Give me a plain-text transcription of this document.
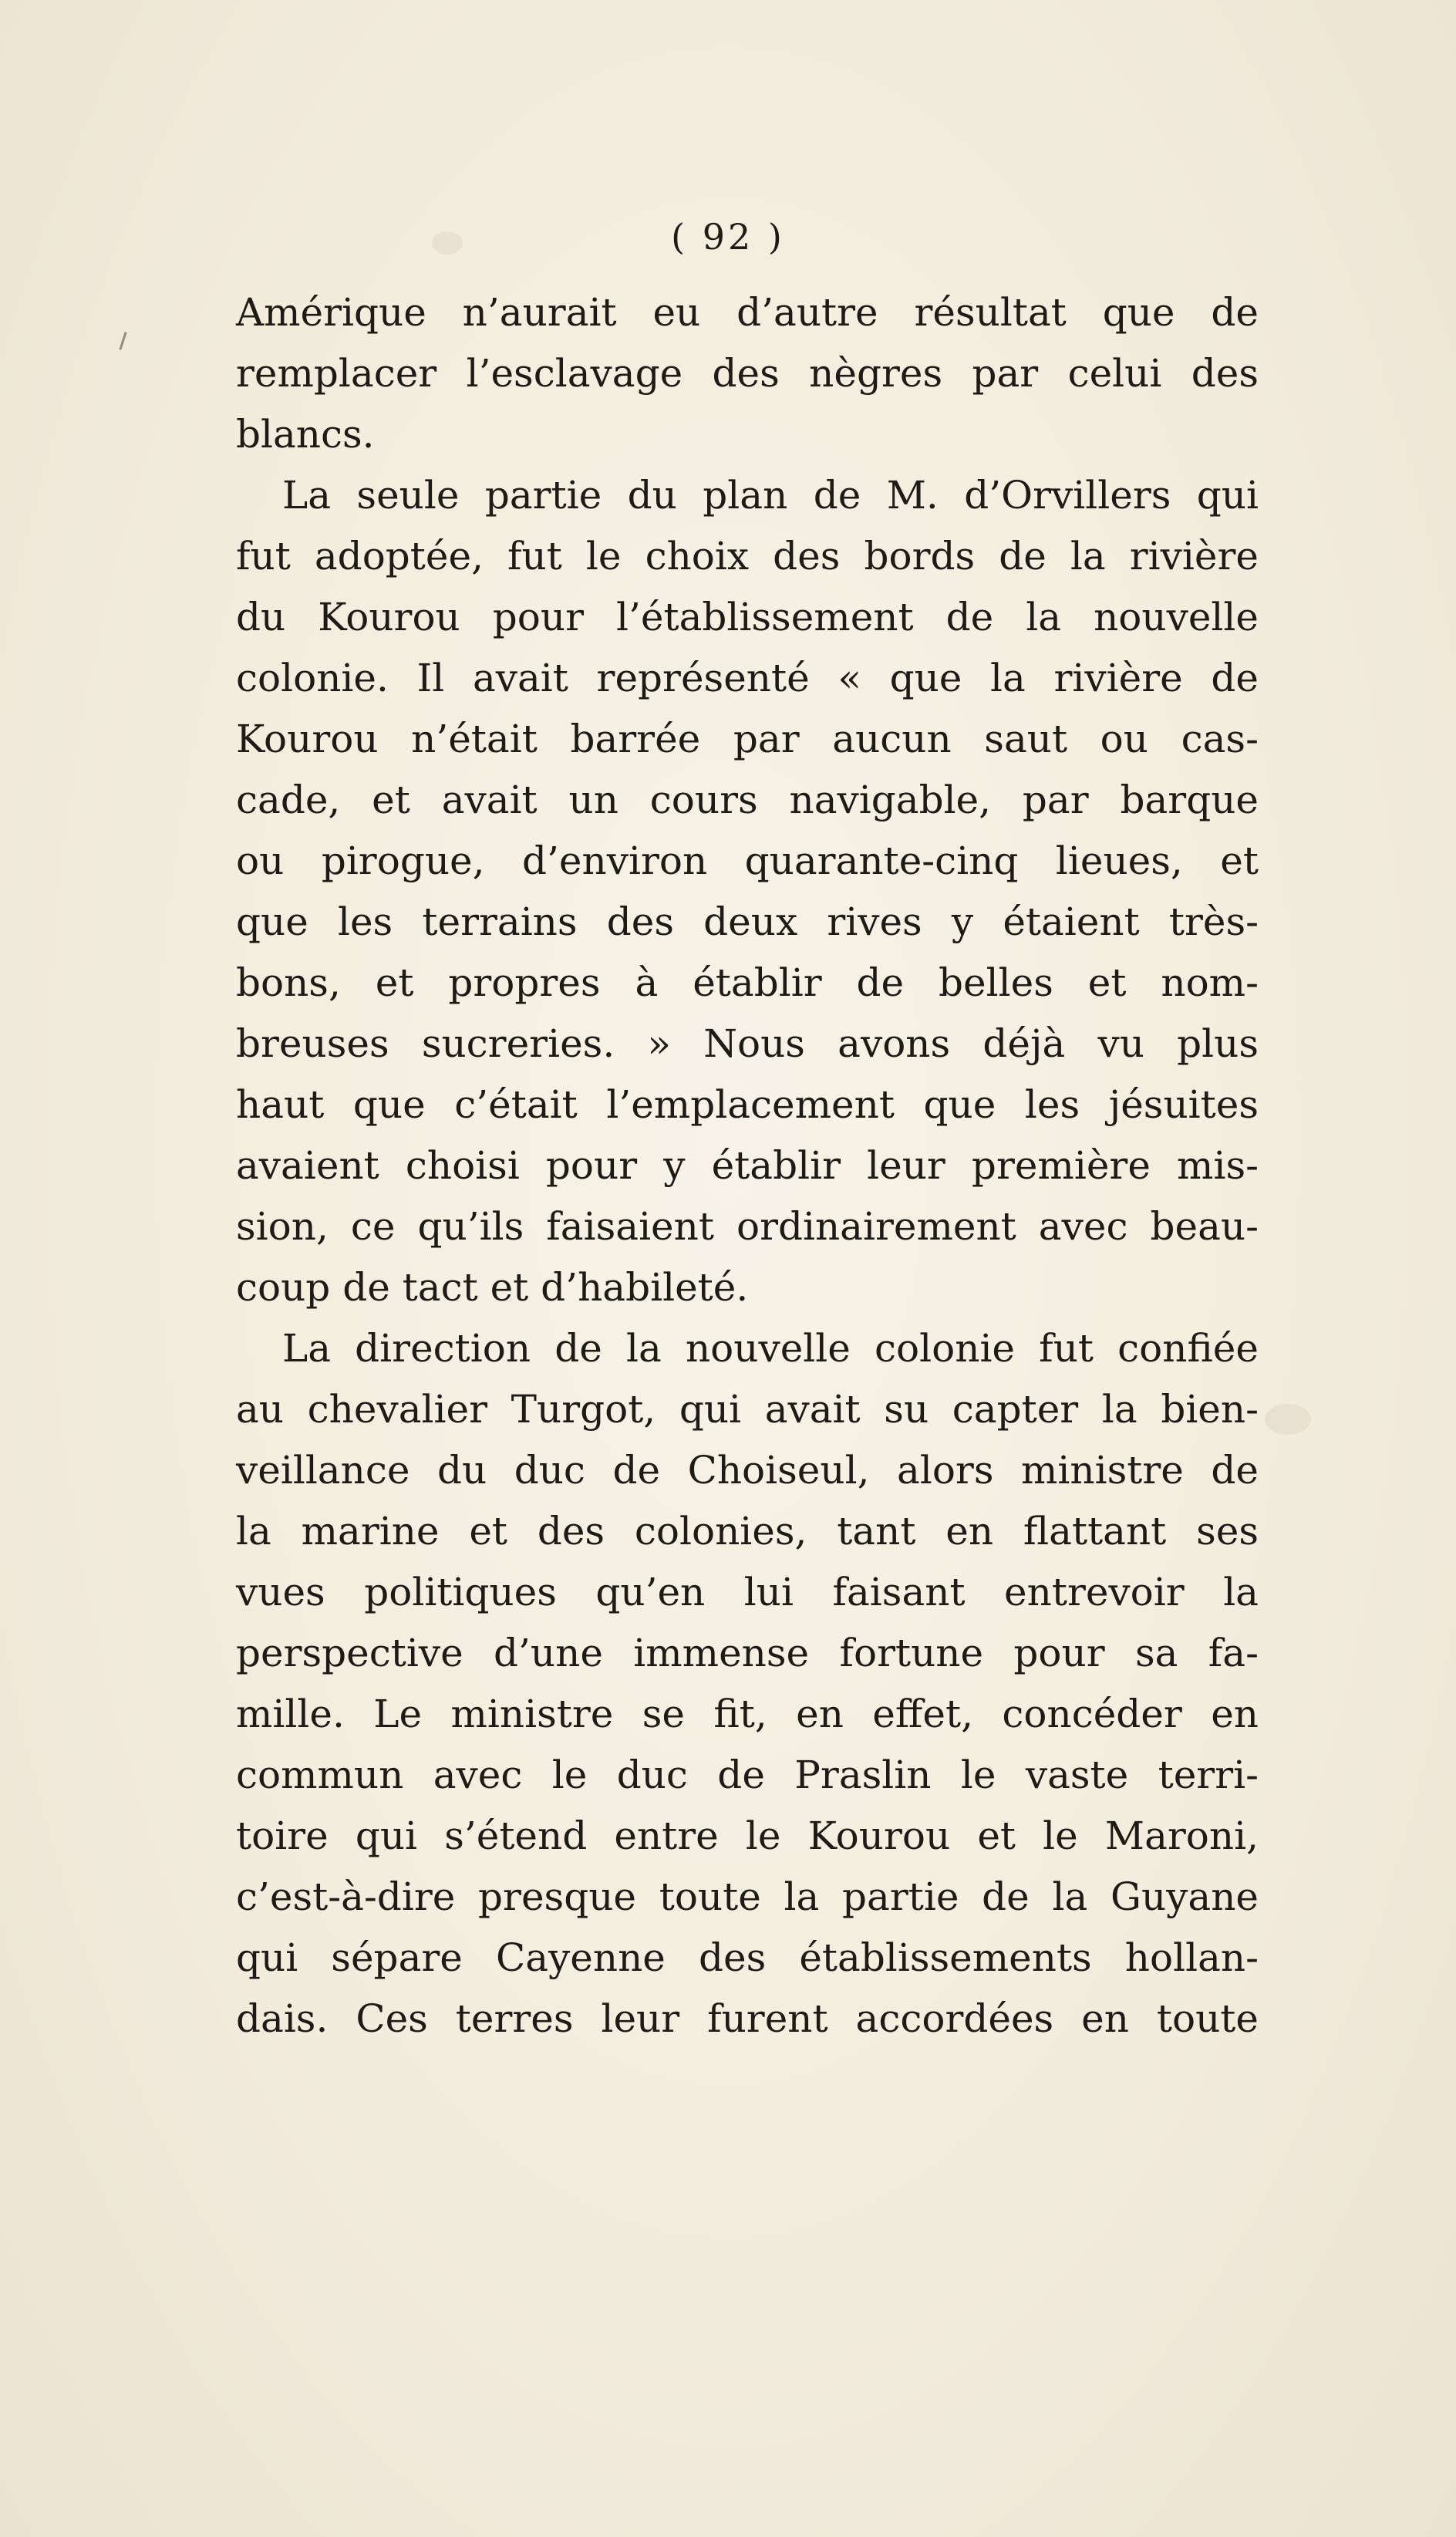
( 92 )
Amérique n’aurait eu d’autre résultat que de
remplacer l’esclavage des nègres par celui des
blancs.
La seule partie du plan de M. d’Orvillers qui
fut adoptée, fut le choix des bords de la rivière
du Kourou pour l’établissement de la nouvelle
colonie. Il avait représenté « que la rivière de
Kourou n’était barrée par aucun saut ou cas-
cade, et avait un cours navigable, par barque
ou pirogue, d’environ quarante-cinq lieues, et
que les terrains des deux rives y étaient très-
bons, et propres à établir de belles et nom-
breuses sucreries. » Nous avons déjà vu plus
haut que c’était l’emplacement que les jésuites
avaient choisi pour y établir leur première mis-
sion, ce qu’ils faisaient ordinairement avec beau-
coup de tact et d’habileté.
La direction de la nouvelle colonie fut confiée
au chevalier Turgot, qui avait su capter la bien-
veillance du duc de Choiseul, alors ministre de
la marine et des colonies, tant en flattant ses
vues politiques qu’en lui faisant entrevoir la
perspective d’une immense fortune pour sa fa-
mille. Le ministre se fit, en effet, concéder en
commun avec le duc de Praslin le vaste terri-
toire qui s’étend entre le Kourou et le Maroni,
c’est-à-dire presque toute la partie de la Guyane
qui sépare Cayenne des établissements hollan-
dais. Ces terres leur furent accordées en toute
